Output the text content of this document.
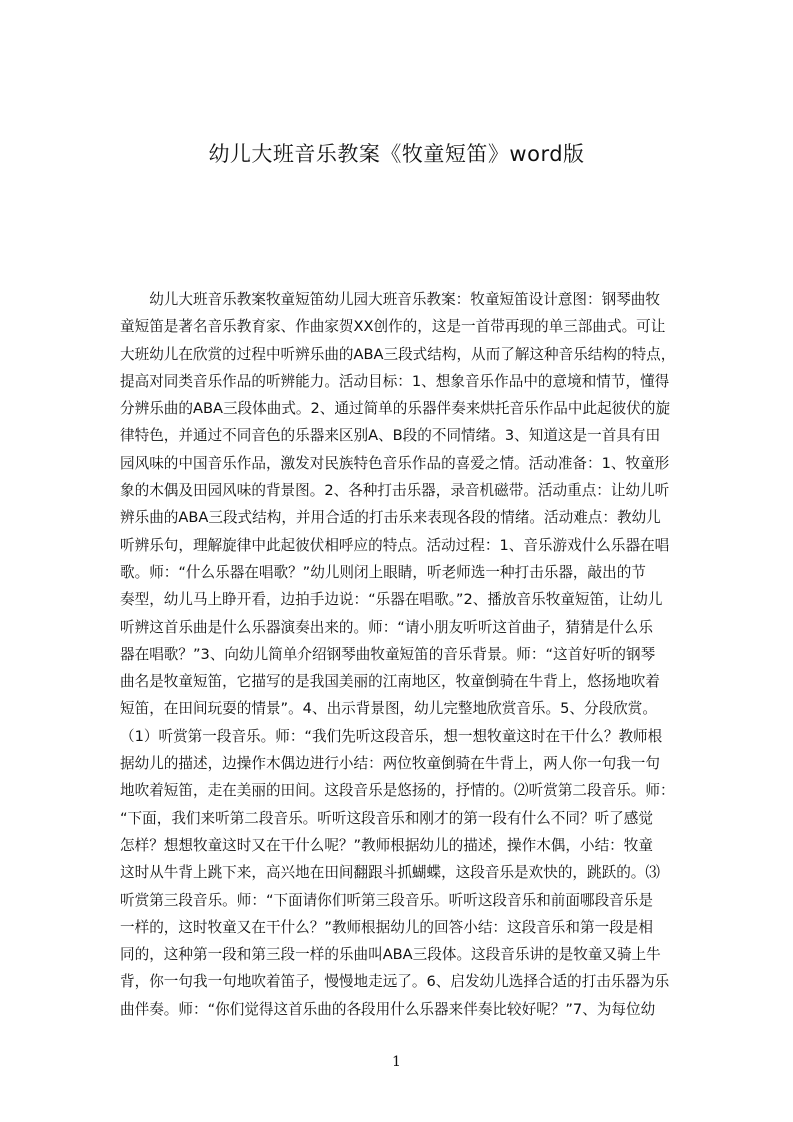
幼儿大班音乐教案《牧童短笛》word版
　　幼儿大班音乐教案牧童短笛幼儿园大班音乐教案：牧童短笛设计意图：钢琴曲牧
童短笛是著名音乐教育家、作曲家贺XX创作的，这是一首带再现的单三部曲式。可让
大班幼儿在欣赏的过程中听辨乐曲的ABA三段式结构，从而了解这种音乐结构的特点，
提高对同类音乐作品的听辨能力。活动目标：1、想象音乐作品中的意境和情节，懂得
分辨乐曲的ABA三段体曲式。2、通过简单的乐器伴奏来烘托音乐作品中此起彼伏的旋
律特色，并通过不同音色的乐器来区别A、B段的不同情绪。3、知道这是一首具有田
园风味的中国音乐作品，激发对民族特色音乐作品的喜爱之情。活动准备：1、牧童形
象的木偶及田园风味的背景图。2、各种打击乐器，录音机磁带。活动重点：让幼儿听
辨乐曲的ABA三段式结构，并用合适的打击乐来表现各段的情绪。活动难点：教幼儿
听辨乐句，理解旋律中此起彼伏相呼应的特点。活动过程：1、音乐游戏什么乐器在唱
歌。师：“什么乐器在唱歌？”幼儿则闭上眼睛，听老师选一种打击乐器，敲出的节
奏型，幼儿马上睁开看，边拍手边说：“乐器在唱歌。”2、播放音乐牧童短笛，让幼儿
听辨这首乐曲是什么乐器演奏出来的。师：“请小朋友听听这首曲子，猜猜是什么乐
器在唱歌？”3、向幼儿简单介绍钢琴曲牧童短笛的音乐背景。师：“这首好听的钢琴
曲名是牧童短笛，它描写的是我国美丽的江南地区，牧童倒骑在牛背上，悠扬地吹着
短笛，在田间玩耍的情景”。4、出示背景图，幼儿完整地欣赏音乐。5、分段欣赏。
（1）听赏第一段音乐。师：“我们先听这段音乐，想一想牧童这时在干什么？教师根
据幼儿的描述，边操作木偶边进行小结：两位牧童倒骑在牛背上，两人你一句我一句
地吹着短笛，走在美丽的田间。这段音乐是悠扬的，抒情的。⑵听赏第二段音乐。师：
“下面，我们来听第二段音乐。听听这段音乐和刚才的第一段有什么不同？听了感觉
怎样？想想牧童这时又在干什么呢？”教师根据幼儿的描述，操作木偶，小结：牧童
这时从牛背上跳下来，高兴地在田间翻跟斗抓蝴蝶，这段音乐是欢快的，跳跃的。⑶
听赏第三段音乐。师：“下面请你们听第三段音乐。听听这段音乐和前面哪段音乐是
一样的，这时牧童又在干什么？”教师根据幼儿的回答小结：这段音乐和第一段是相
同的，这种第一段和第三段一样的乐曲叫ABA三段体。这段音乐讲的是牧童又骑上牛
背，你一句我一句地吹着笛子，慢慢地走远了。6、启发幼儿选择合适的打击乐器为乐
曲伴奏。师：“你们觉得这首乐曲的各段用什么乐器来伴奏比较好呢？”7、为每位幼
1
